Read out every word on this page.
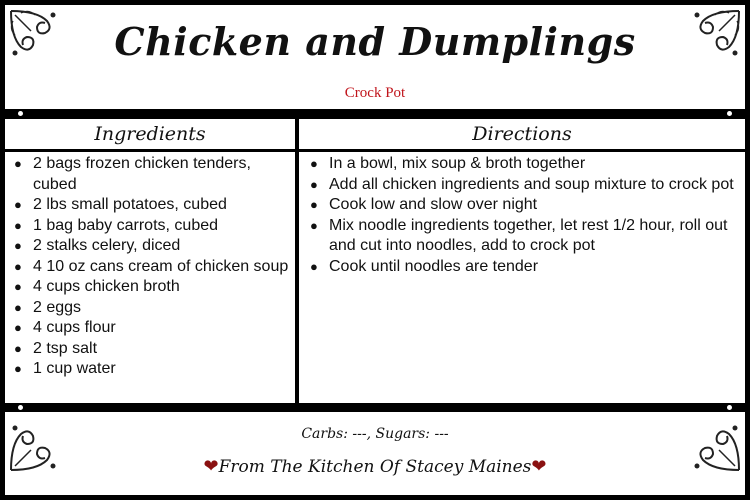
Chicken and Dumplings
Crock Pot
Ingredients	Directions
● 2 bags frozen chicken tenders, cubed
● 2 lbs small potatoes, cubed
● 1 bag baby carrots, cubed
● 2 stalks celery, diced
● 4 10 oz cans cream of chicken soup
● 4 cups chicken broth
● 2 eggs
● 4 cups flour
● 2 tsp salt
● 1 cup water
● In a bowl, mix soup & broth together
● Add all chicken ingredients and soup mixture to crock pot
● Cook low and slow over night
● Mix noodle ingredients together, let rest 1/2 hour, roll out and cut into noodles, add to crock pot
● Cook until noodles are tender
Carbs: ---, Sugars: ---
❤From The Kitchen Of Stacey Maines❤
